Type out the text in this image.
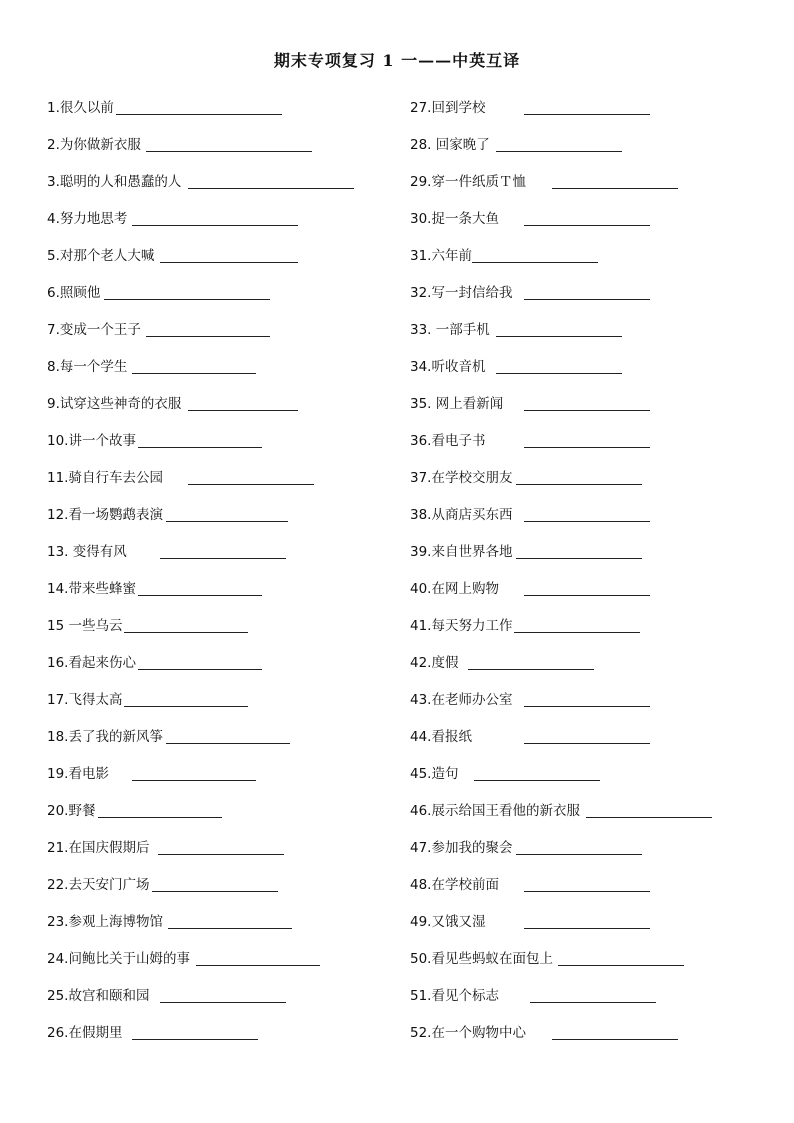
期末专项复习 1 一——中英互译
1.很久以前
2.为你做新衣服
3.聪明的人和愚蠢的人
4.努力地思考
5.对那个老人大喊
6.照顾他
7.变成一个王子
8.每一个学生
9.试穿这些神奇的衣服
10.讲一个故事
11.骑自行车去公园
12.看一场鹦鹉表演
13. 变得有风
14.带来些蜂蜜
15 一些乌云
16.看起来伤心
17.飞得太高
18.丢了我的新风筝
19.看电影
20.野餐
21.在国庆假期后
22.去天安门广场
23.参观上海博物馆
24.问鲍比关于山姆的事
25.故宫和颐和园
26.在假期里
27.回到学校
28. 回家晚了
29.穿一件纸质Ｔ恤
30.捉一条大鱼
31.六年前
32.写一封信给我
33. 一部手机
34.听收音机
35. 网上看新闻
36.看电子书
37.在学校交朋友
38.从商店买东西
39.来自世界各地
40.在网上购物
41.每天努力工作
42.度假
43.在老师办公室
44.看报纸
45.造句
46.展示给国王看他的新衣服
47.参加我的聚会
48.在学校前面
49.又饿又湿
50.看见些蚂蚁在面包上
51.看见个标志
52.在一个购物中心
